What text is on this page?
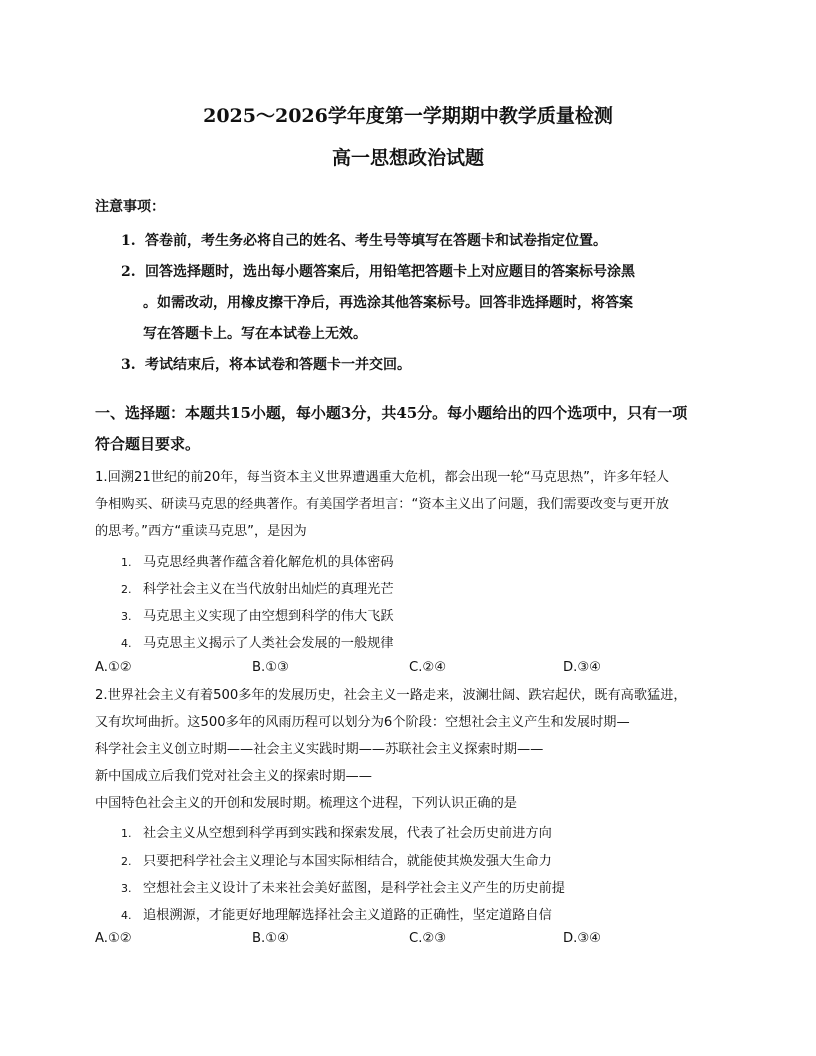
2025～2026学年度第一学期期中教学质量检测
高一思想政治试题
注意事项：
1. 答卷前，考生务必将自己的姓名、考生号等填写在答题卡和试卷指定位置。
2. 回答选择题时，选出每小题答案后，用铅笔把答题卡上对应题目的答案标号涂黑
。如需改动，用橡皮擦干净后，再选涂其他答案标号。回答非选择题时，将答案
写在答题卡上。写在本试卷上无效。
3. 考试结束后，将本试卷和答题卡一并交回。
一、选择题：本题共15小题，每小题3分，共45分。每小题给出的四个选项中，只有一项
符合题目要求。
1.回溯21世纪的前20年，每当资本主义世界遭遇重大危机，都会出现一轮“马克思热”，许多年轻人
争相购买、研读马克思的经典著作。有美国学者坦言：“资本主义出了问题，我们需要改变与更开放
的思考。”西方“重读马克思”，是因为
1. 马克思经典著作蕴含着化解危机的具体密码
2. 科学社会主义在当代放射出灿烂的真理光芒
3. 马克思主义实现了由空想到科学的伟大飞跃
4. 马克思主义揭示了人类社会发展的一般规律
A.①②	B.①③	C.②④	D.③④
2.世界社会主义有着500多年的发展历史，社会主义一路走来，波澜壮阔、跌宕起伏，既有高歌猛进，
又有坎坷曲折。这500多年的风雨历程可以划分为6个阶段：空想社会主义产生和发展时期—
科学社会主义创立时期——社会主义实践时期——苏联社会主义探索时期——
新中国成立后我们党对社会主义的探索时期——
中国特色社会主义的开创和发展时期。梳理这个进程，下列认识正确的是
1. 社会主义从空想到科学再到实践和探索发展，代表了社会历史前进方向
2. 只要把科学社会主义理论与本国实际相结合，就能使其焕发强大生命力
3. 空想社会主义设计了未来社会美好蓝图，是科学社会主义产生的历史前提
4. 追根溯源，才能更好地理解选择社会主义道路的正确性，坚定道路自信
A.①②	B.①④	C.②③	D.③④
